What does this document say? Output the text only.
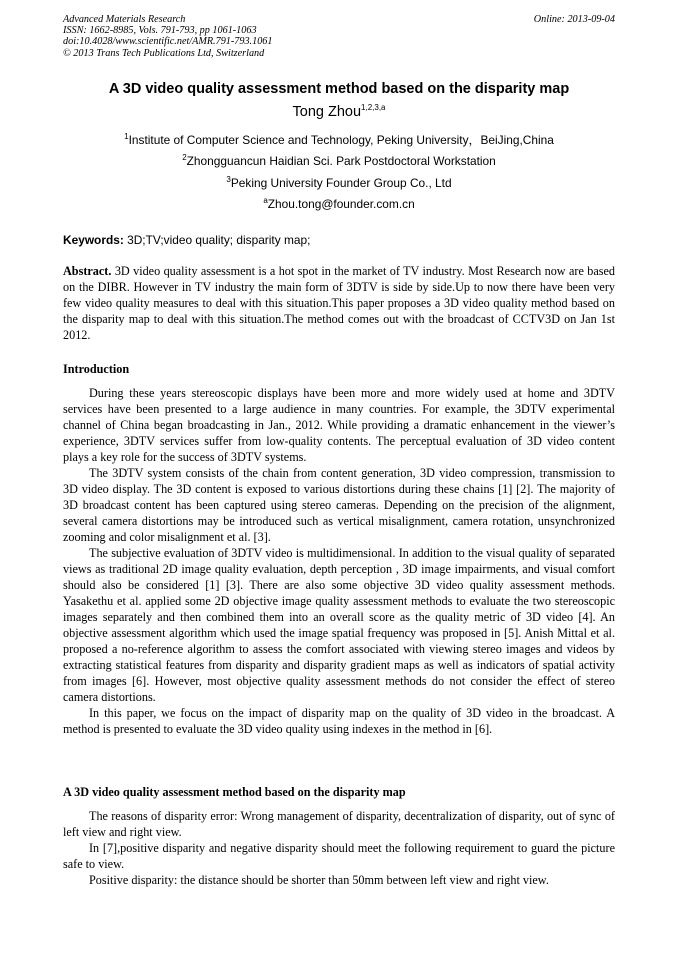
Advanced Materials Research
ISSN: 1662-8985, Vols. 791-793, pp 1061-1063
doi:10.4028/www.scientific.net/AMR.791-793.1061
© 2013 Trans Tech Publications Ltd, Switzerland
Online: 2013-09-04
A 3D video quality assessment method based on the disparity map
Tong Zhou$^{1,2,3,a}$
$^1$Institute of Computer Science and Technology, Peking University，BeiJing,China
$^2$Zhongguancun Haidian Sci. Park Postdoctoral Workstation
$^3$Peking University Founder Group Co., Ltd
$^a$Zhou.tong@founder.com.cn
Keywords: 3D;TV;video quality; disparity map;
Abstract. 3D video quality assessment is a hot spot in the market of TV industry. Most Research now are based on the DIBR. However in TV industry the main form of 3DTV is side by side.Up to now there have been very few video quality measures to deal with this situation.This paper proposes a 3D video quality method based on the disparity map to deal with this situation.The method comes out with the broadcast of CCTV3D on Jan 1st 2012.
Introduction

During these years stereoscopic displays have been more and more widely used at home and 3DTV services have been presented to a large audience in many countries. For example, the 3DTV experimental channel of China began broadcasting in Jan., 2012. While providing a dramatic enhancement in the viewer’s experience, 3DTV services suffer from low-quality contents. The perceptual evaluation of 3D video content plays a key role for the success of 3DTV systems.

The 3DTV system consists of the chain from content generation, 3D video compression, transmission to 3D video display. The 3D content is exposed to various distortions during these chains [1] [2]. The majority of 3D broadcast content has been captured using stereo cameras. Depending on the precision of the alignment, several camera distortions may be introduced such as vertical misalignment, camera rotation, unsynchronized zooming and color misalignment et al. [3].

The subjective evaluation of 3DTV video is multidimensional. In addition to the visual quality of separated views as traditional 2D image quality evaluation, depth perception , 3D image impairments, and visual comfort should also be considered [1] [3]. There are also some objective 3D video quality assessment methods. Yasakethu et al. applied some 2D objective image quality assessment methods to evaluate the two stereoscopic images separately and then combined them into an overall score as the quality metric of 3D video [4]. An objective assessment algorithm which used the image spatial frequency was proposed in [5]. Anish Mittal et al. proposed a no-reference algorithm to assess the comfort associated with viewing stereo images and videos by extracting statistical features from disparity and disparity gradient maps as well as indicators of spatial activity from images [6]. However, most objective quality assessment methods do not consider the effect of stereo camera distortions.

In this paper, we focus on the impact of disparity map on the quality of 3D video in the broadcast. A method is presented to evaluate the 3D video quality using indexes in the method in [6].

A 3D video quality assessment method based on the disparity map

The reasons of disparity error: Wrong management of disparity, decentralization of disparity, out of sync of left view and right view.

In [7],positive disparity and negative disparity should meet the following requirement to guard the picture safe to view.

Positive disparity: the distance should be shorter than 50mm between left view and right view.
